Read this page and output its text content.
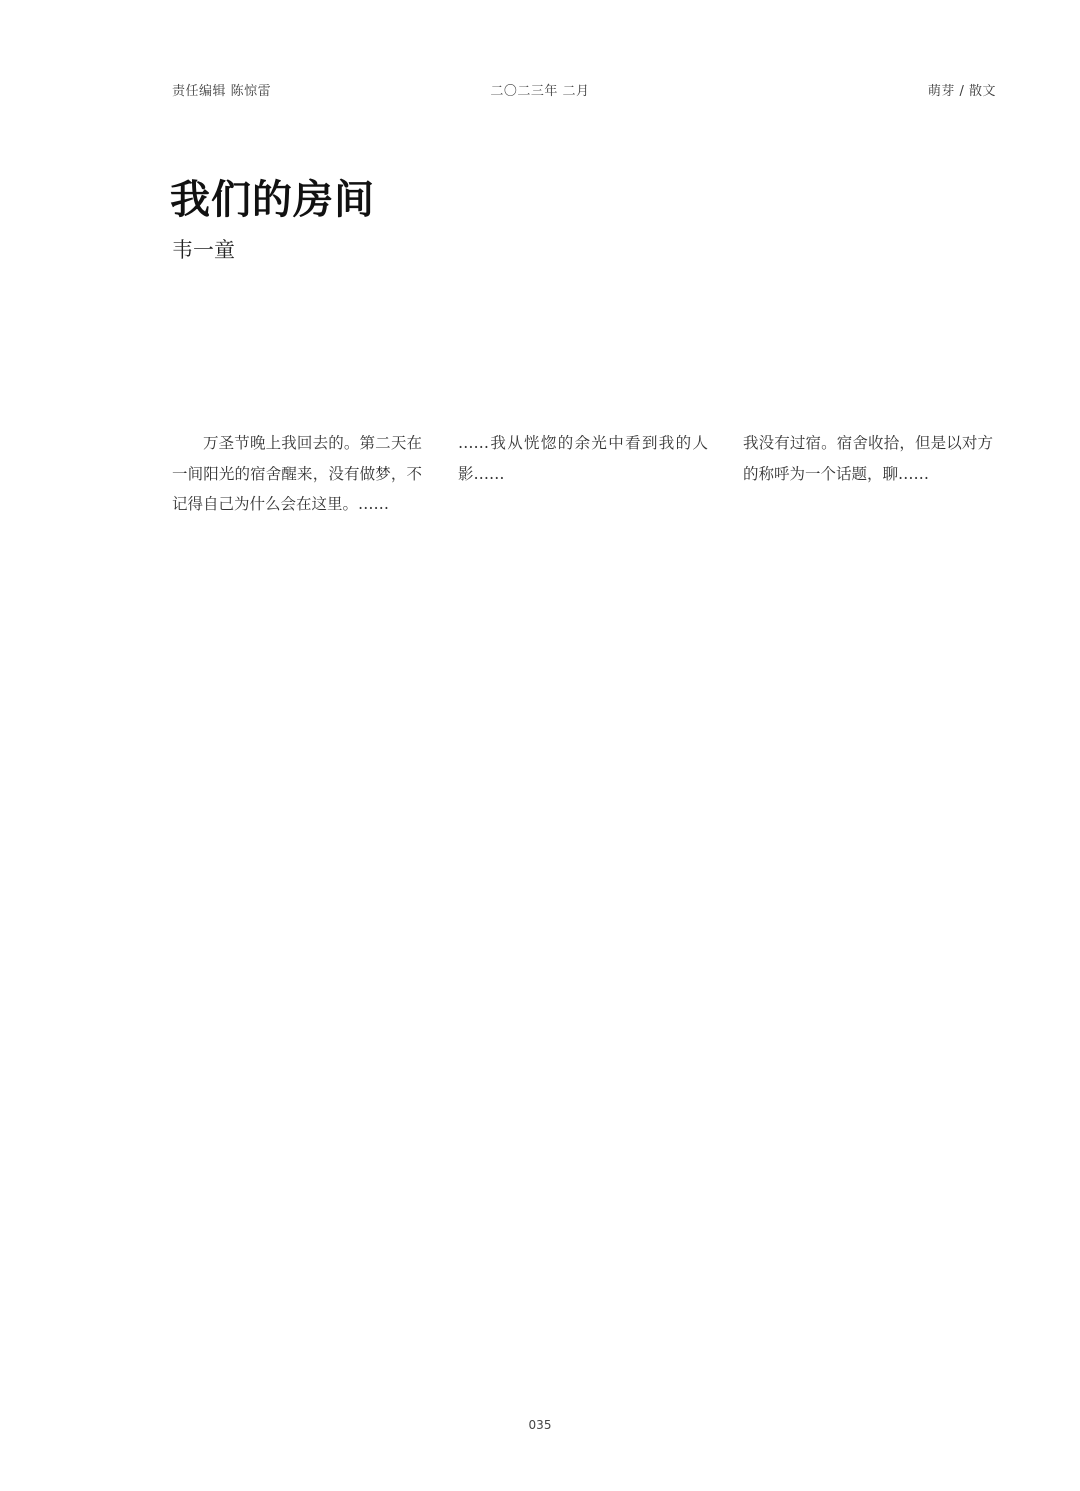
责任编辑 陈惊雷	二〇二三年 二月	萌芽 / 散文
我们的房间
韦一童

万圣节晚上我回去的。第二天在一间阳光的宿舍醒来，没有做梦，不记得自己为什么会在这里。……

……我从恍惚的余光中看到我的人影……

我没有过宿。宿舍收拾，但是以对方的称呼为一个话题，聊……

035
